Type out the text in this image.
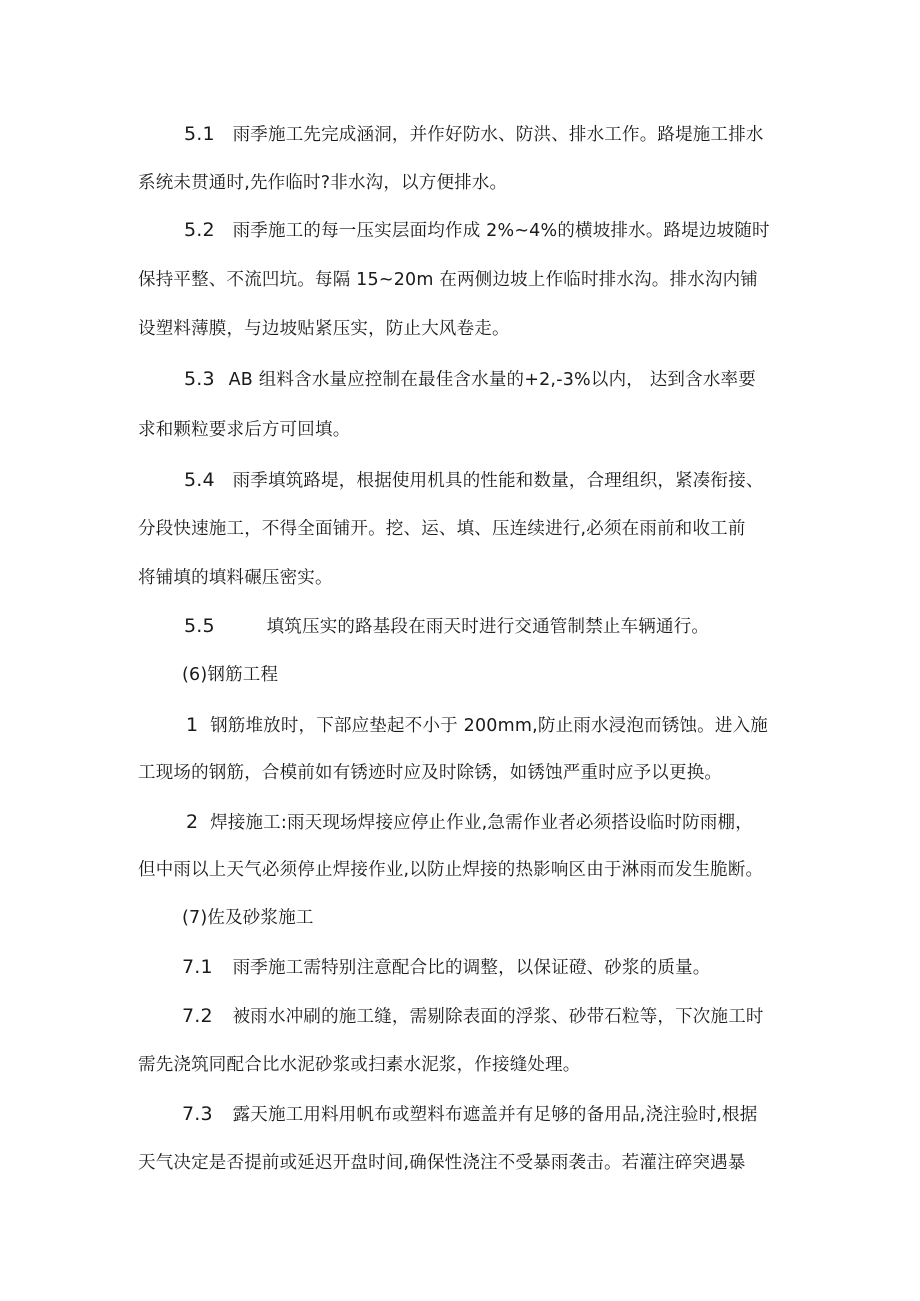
5.1 雨季施工先完成涵洞，并作好防水、防洪、排水工作。路堤施工排水
系统未贯通时,先作临时?非水沟，以方便排水。
5.2 雨季施工的每一压实层面均作成 2%~4%的横坡排水。路堤边坡随时
保持平整、不流凹坑。每隔 15~20m 在两侧边坡上作临时排水沟。排水沟内铺
设塑料薄膜，与边坡贴紧压实，防止大风卷走。
5.3 AB 组料含水量应控制在最佳含水量的+2,-3%以内， 达到含水率要
求和颗粒要求后方可回填。
5.4 雨季填筑路堤，根据使用机具的性能和数量，合理组织，紧凑衔接、
分段快速施工，不得全面铺开。挖、运、填、压连续进行,必须在雨前和收工前
将铺填的填料碾压密实。
5.5	填筑压实的路基段在雨天时进行交通管制禁止车辆通行。
(6)钢筋工程
1 钢筋堆放时，下部应垫起不小于 200mm,防止雨水浸泡而锈蚀。进入施
工现场的钢筋，合模前如有锈迹时应及时除锈，如锈蚀严重时应予以更换。
2 焊接施工:雨天现场焊接应停止作业,急需作业者必须搭设临时防雨棚，
但中雨以上天气必须停止焊接作业,以防止焊接的热影响区由于淋雨而发生脆断。
(7)佐及砂浆施工
7.1 雨季施工需特别注意配合比的调整，以保证磴、砂浆的质量。
7.2 被雨水冲刷的施工缝，需剔除表面的浮浆、砂带石粒等，下次施工时
需先浇筑同配合比水泥砂浆或扫素水泥浆，作接缝处理。
7.3 露天施工用料用帆布或塑料布遮盖并有足够的备用品,浇注验时,根据
天气决定是否提前或延迟开盘时间,确保性浇注不受暴雨袭击。若灌注碎突遇暴
